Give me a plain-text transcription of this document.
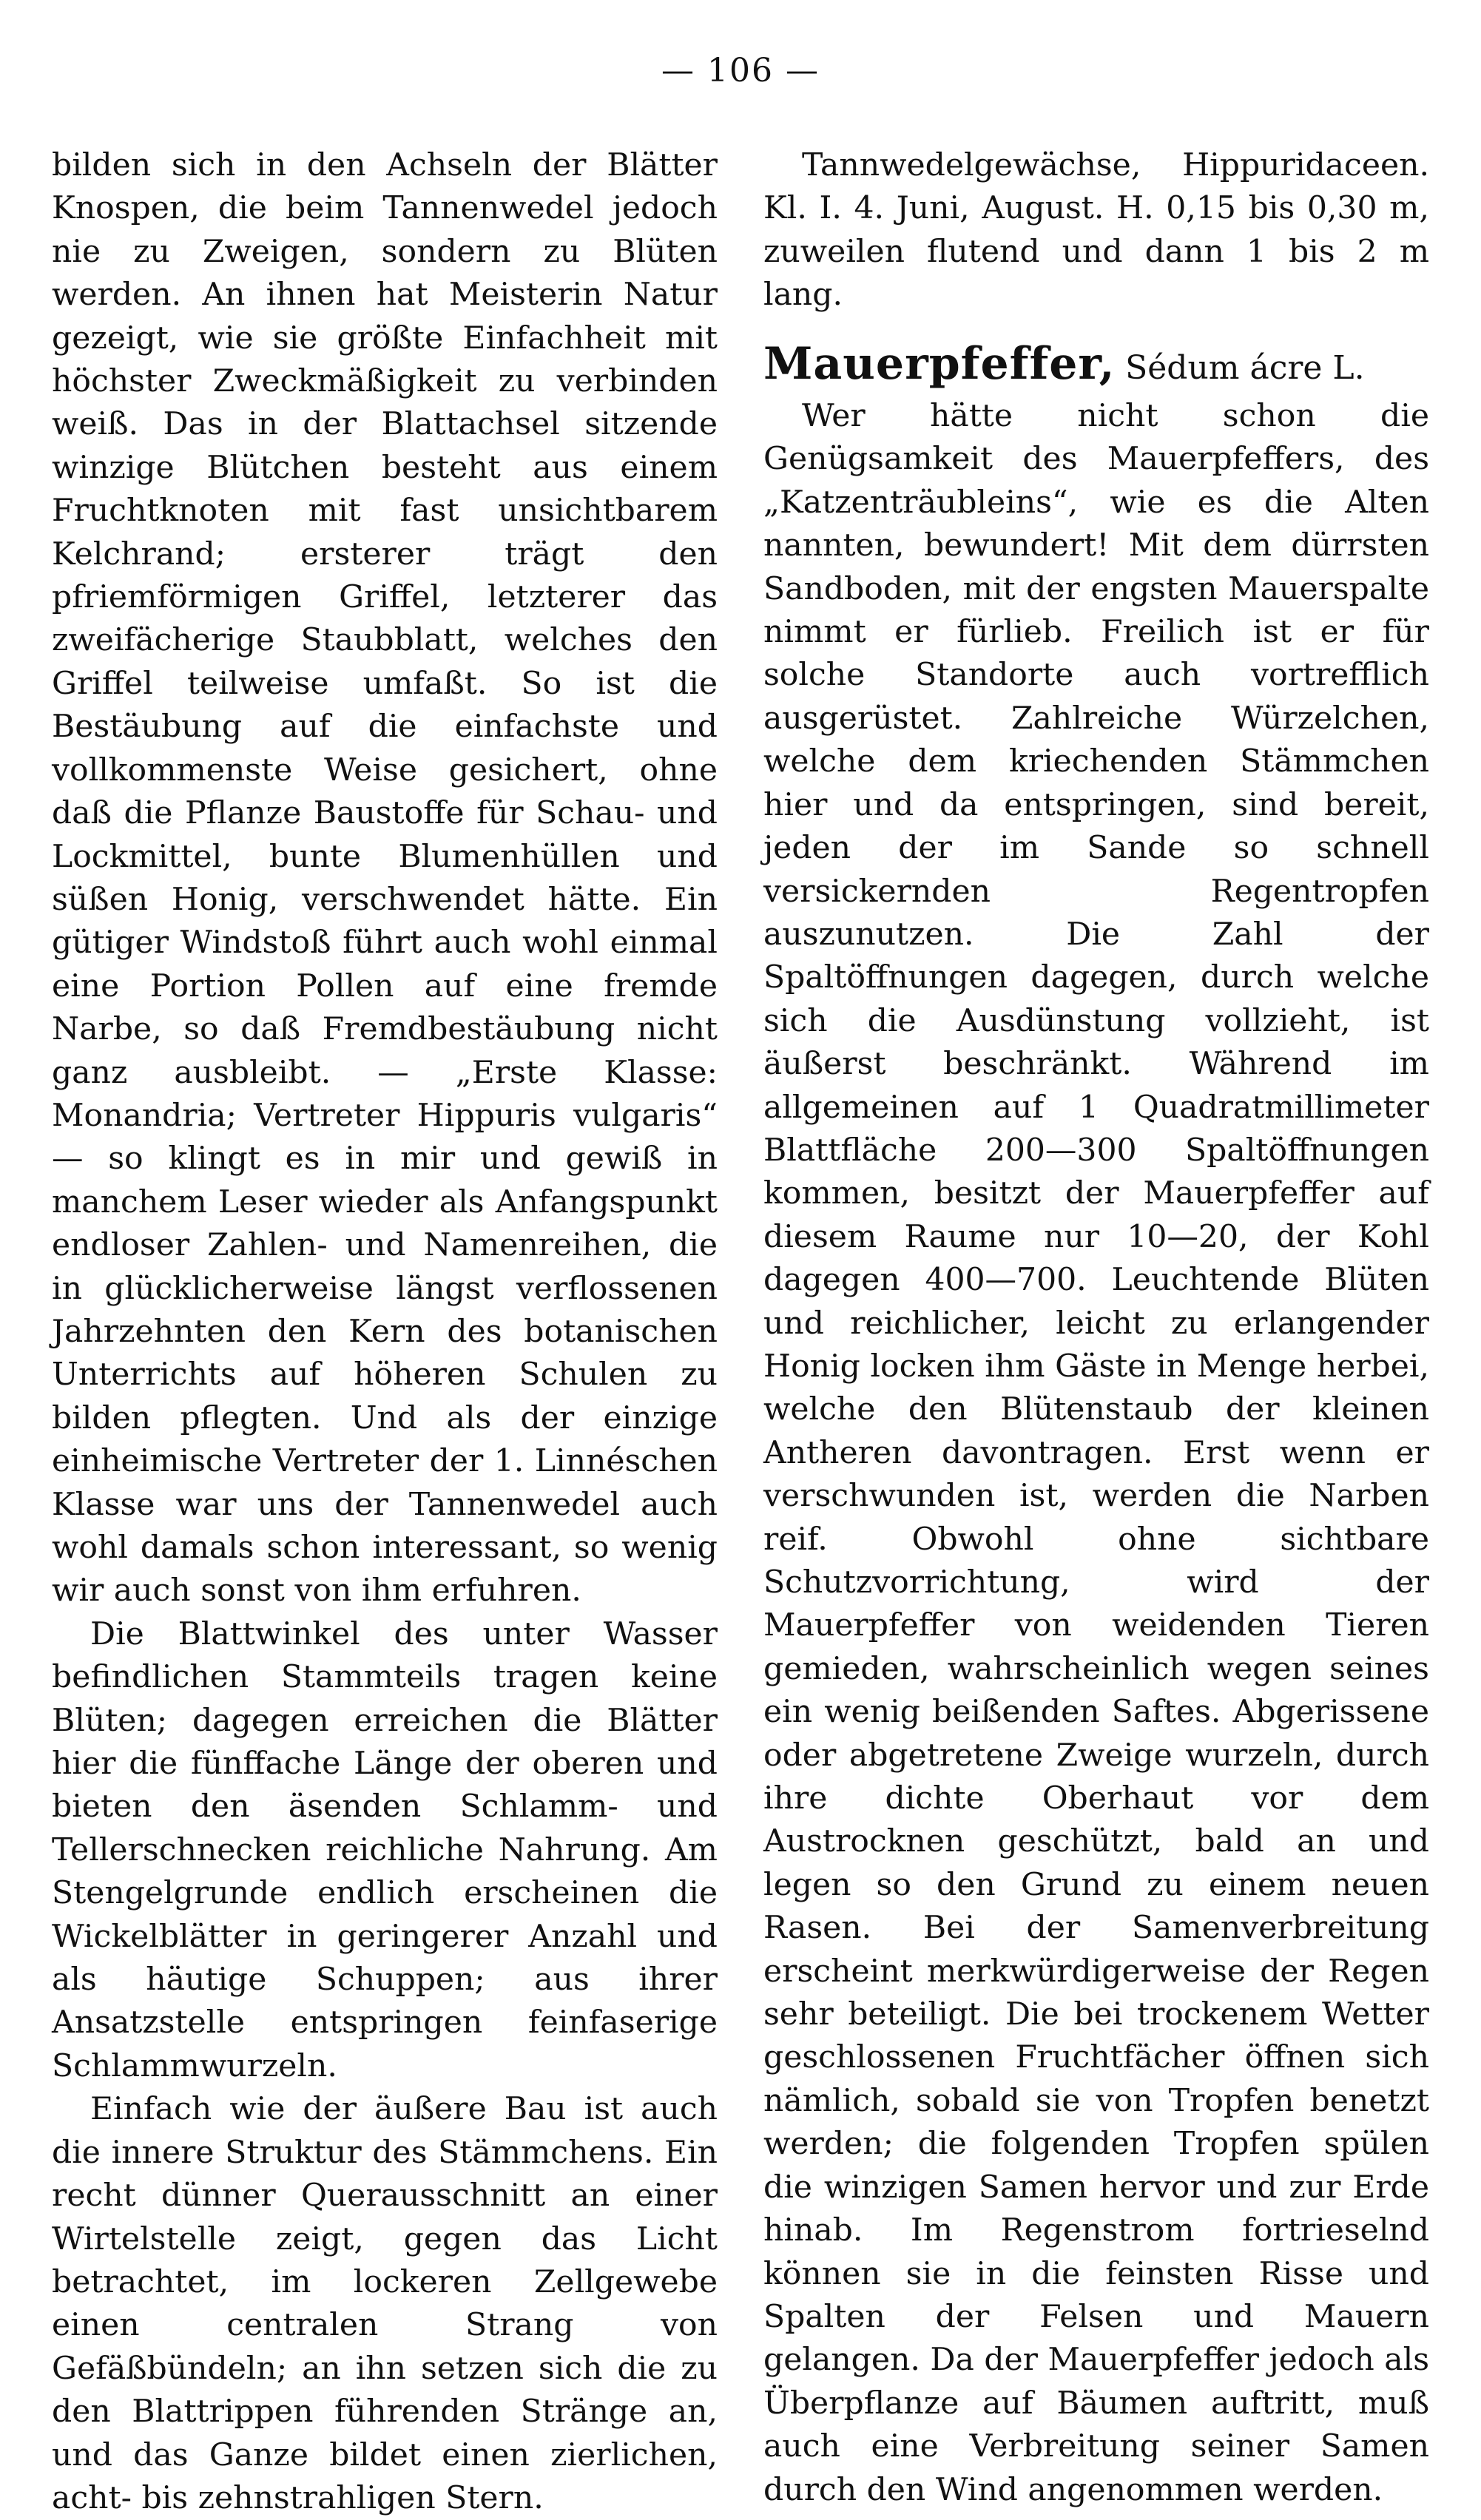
— 106 —

bilden sich in den Achseln der Blätter Knospen, die beim Tannenwedel jedoch nie zu Zweigen, sondern zu Blüten werden. An ihnen hat Meisterin Natur gezeigt, wie sie größte Einfachheit mit höchster Zweckmäßigkeit zu verbinden weiß. Das in der Blattachsel sitzende winzige Blütchen besteht aus einem Fruchtknoten mit fast unsichtbarem Kelchrand; ersterer trägt den pfriemförmigen Griffel, letzterer das zweifächerige Staubblatt, welches den Griffel teilweise umfaßt. So ist die Bestäubung auf die einfachste und vollkommenste Weise gesichert, ohne daß die Pflanze Baustoffe für Schau- und Lockmittel, bunte Blumenhüllen und süßen Honig, verschwendet hätte. Ein gütiger Windstoß führt auch wohl einmal eine Portion Pollen auf eine fremde Narbe, so daß Fremdbestäubung nicht ganz ausbleibt. — „Erste Klasse: Monandria; Vertreter Hippuris vulgaris“ — so klingt es in mir und gewiß in manchem Leser wieder als Anfangspunkt endloser Zahlen- und Namenreihen, die in glücklicherweise längst verflossenen Jahrzehnten den Kern des botanischen Unterrichts auf höheren Schulen zu bilden pflegten. Und als der einzige einheimische Vertreter der 1. Linnéschen Klasse war uns der Tannenwedel auch wohl damals schon interessant, so wenig wir auch sonst von ihm erfuhren.

Die Blattwinkel des unter Wasser befindlichen Stammteils tragen keine Blüten; dagegen erreichen die Blätter hier die fünffache Länge der oberen und bieten den äsenden Schlamm- und Tellerschnecken reichliche Nahrung. Am Stengelgrunde endlich erscheinen die Wickelblätter in geringerer Anzahl und als häutige Schuppen; aus ihrer Ansatzstelle entspringen feinfaserige Schlammwurzeln.

Einfach wie der äußere Bau ist auch die innere Struktur des Stämmchens. Ein recht dünner Querausschnitt an einer Wirtelstelle zeigt, gegen das Licht betrachtet, im lockeren Zellgewebe einen centralen Strang von Gefäßbündeln; an ihn setzen sich die zu den Blattrippen führenden Stränge an, und das Ganze bildet einen zierlichen, acht- bis zehnstrahligen Stern.

Tannwedelgewächse, Hippuridaceen. Kl. I. 4. Juni, August. H. 0,15 bis 0,30 m, zuweilen flutend und dann 1 bis 2 m lang.

Mauerpfeffer, Sédum ácre L.

Wer hätte nicht schon die Genügsamkeit des Mauerpfeffers, des „Katzenträubleins“, wie es die Alten nannten, bewundert! Mit dem dürrsten Sandboden, mit der engsten Mauerspalte nimmt er fürlieb. Freilich ist er für solche Standorte auch vortrefflich ausgerüstet. Zahlreiche Würzelchen, welche dem kriechenden Stämmchen hier und da entspringen, sind bereit, jeden der im Sande so schnell versickernden Regentropfen auszunutzen. Die Zahl der Spaltöffnungen dagegen, durch welche sich die Ausdünstung vollzieht, ist äußerst beschränkt. Während im allgemeinen auf 1 Quadratmillimeter Blattfläche 200—300 Spaltöffnungen kommen, besitzt der Mauerpfeffer auf diesem Raume nur 10—20, der Kohl dagegen 400—700. Leuchtende Blüten und reichlicher, leicht zu erlangender Honig locken ihm Gäste in Menge herbei, welche den Blütenstaub der kleinen Antheren davontragen. Erst wenn er verschwunden ist, werden die Narben reif. Obwohl ohne sichtbare Schutzvorrichtung, wird der Mauerpfeffer von weidenden Tieren gemieden, wahrscheinlich wegen seines ein wenig beißenden Saftes. Abgerissene oder abgetretene Zweige wurzeln, durch ihre dichte Oberhaut vor dem Austrocknen geschützt, bald an und legen so den Grund zu einem neuen Rasen. Bei der Samenverbreitung erscheint merkwürdigerweise der Regen sehr beteiligt. Die bei trockenem Wetter geschlossenen Fruchtfächer öffnen sich nämlich, sobald sie von Tropfen benetzt werden; die folgenden Tropfen spülen die winzigen Samen hervor und zur Erde hinab. Im Regenstrom fortrieselnd können sie in die feinsten Risse und Spalten der Felsen und Mauern gelangen. Da der Mauerpfeffer jedoch als Überpflanze auf Bäumen auftritt, muß auch eine Verbreitung seiner Samen durch den Wind angenommen werden.
